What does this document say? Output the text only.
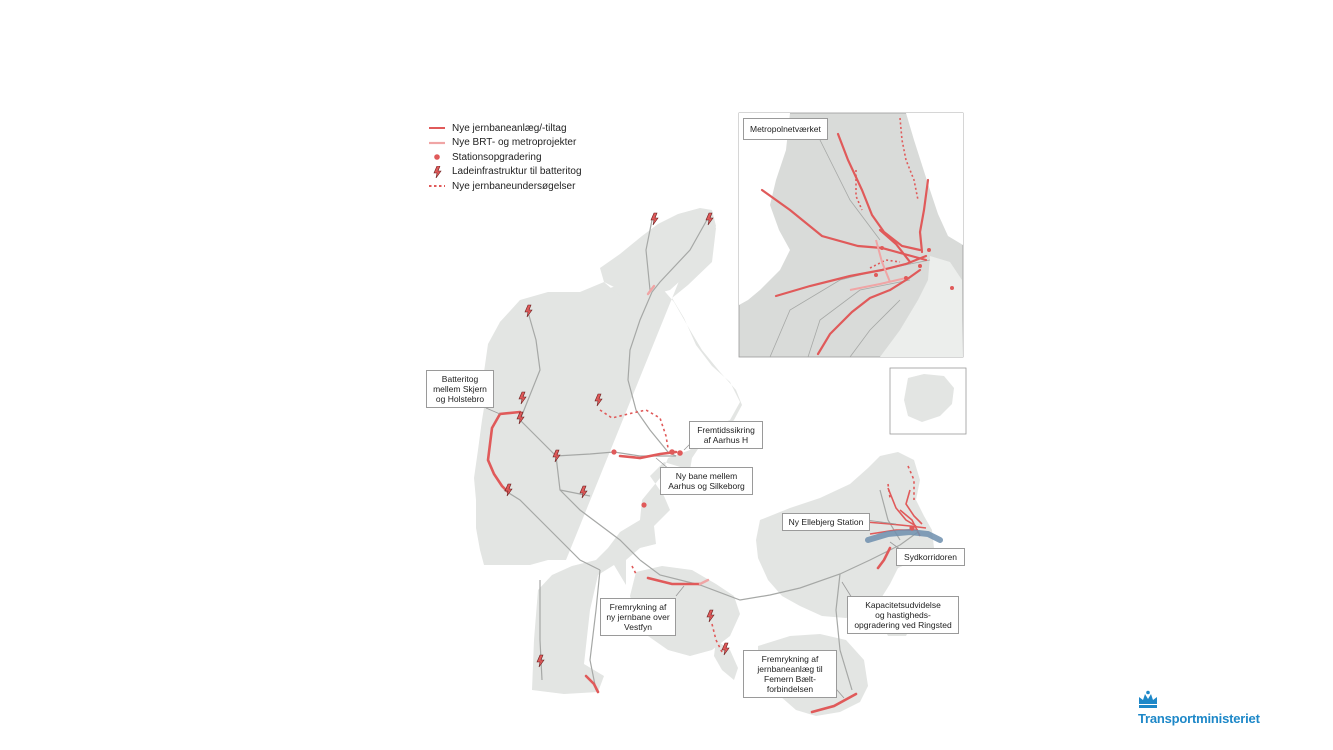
Nye jernbaneanlæg/-tiltag
Nye BRT- og metroprojekter
Stationsopgradering
Ladeinfrastruktur til batteritog
Nye jernbaneundersøgelser
Metropolnetværket
Batteritog
mellem Skjern
og Holstebro
Fremtidssikring
af Aarhus H
Ny bane mellem
Aarhus og Silkeborg
Ny Ellebjerg Station
Sydkorridoren
Fremrykning af
ny jernbane over
Vestfyn
Kapacitetsudvidelse
og hastigheds-
opgradering ved Ringsted
Fremrykning af
jernbaneanlæg til
Femern Bælt-
forbindelsen
Transportministeriet
